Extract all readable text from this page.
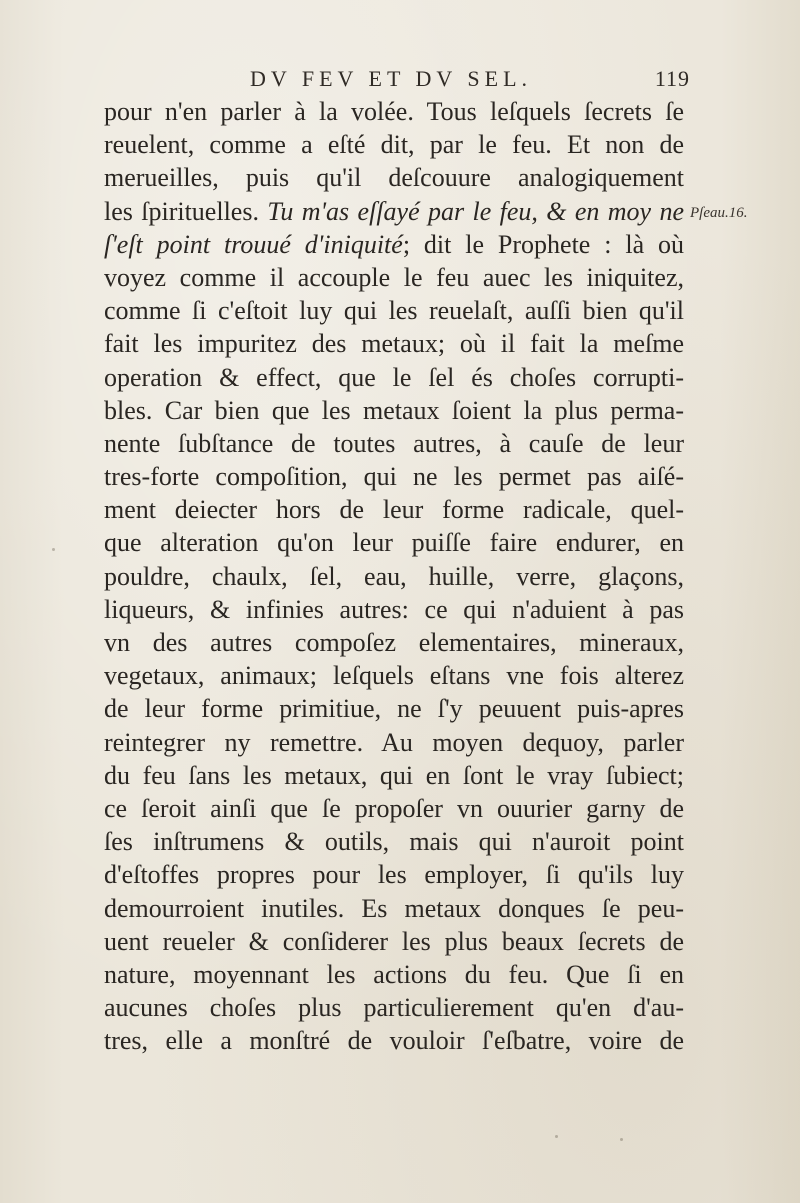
DV FEV ET DV SEL.	119
Pſeau.16.
pour n'en parler à la volée. Tous leſquels ſecrets ſe
reuelent, comme a eſté dit, par le feu. Et non de
merueilles, puis qu'il deſcouure analogiquement
les ſpirituelles. Tu m'as eſſayé par le feu, & en moy ne
ſ'eſt point trouué d'iniquité; dit le Prophete : là où
voyez comme il accouple le feu auec les iniquitez,
comme ſi c'eſtoit luy qui les reuelaſt, auſſi bien qu'il
fait les impuritez des metaux; où il fait la meſme
operation & effect, que le ſel és choſes corrupti-
bles. Car bien que les metaux ſoient la plus perma-
nente ſubſtance de toutes autres, à cauſe de leur
tres-forte compoſition, qui ne les permet pas aiſé-
ment deiecter hors de leur forme radicale, quel-
que alteration qu'on leur puiſſe faire endurer, en
pouldre, chaulx, ſel, eau, huille, verre, glaçons,
liqueurs, & infinies autres: ce qui n'aduient à pas
vn des autres compoſez elementaires, mineraux,
vegetaux, animaux; leſquels eſtans vne fois alterez
de leur forme primitiue, ne ſ'y peuuent puis-apres
reintegrer ny remettre. Au moyen dequoy, parler
du feu ſans les metaux, qui en ſont le vray ſubiect;
ce ſeroit ainſi que ſe propoſer vn ouurier garny de
ſes inſtrumens & outils, mais qui n'auroit point
d'eſtoffes propres pour les employer, ſi qu'ils luy
demourroient inutiles. Es metaux donques ſe peu-
uent reueler & conſiderer les plus beaux ſecrets de
nature, moyennant les actions du feu. Que ſi en
aucunes choſes plus particulierement qu'en d'au-
tres, elle a monſtré de vouloir ſ'eſbatre, voire de
